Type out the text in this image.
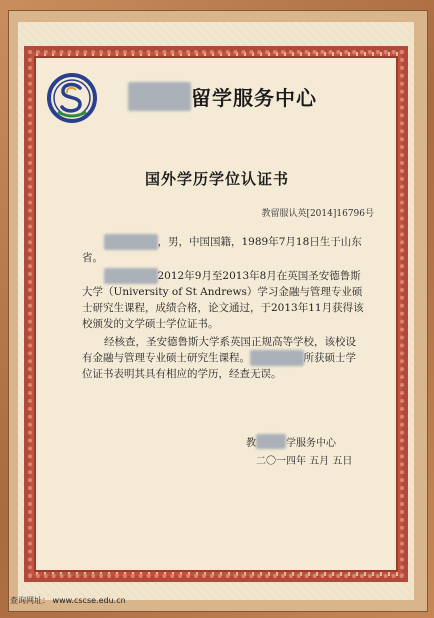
留学服务中心
国外学历学位认证书
教留服认英[2014]16796号
，男，中国国籍，1989年7月18日生于山东省。
2012年9月至2013年8月在英国圣安德鲁斯大学（University of St Andrews）学习金融与管理专业硕士研究生课程，成绩合格，论文通过，于2013年11月获得该校颁发的文学硕士学位证书。
经核查，圣安德鲁斯大学系英国正规高等学校，该校设有金融与管理专业硕士研究生课程。	所获硕士学位证书表明其具有相应的学历，经查无误。
教	学服务中心
二〇一四年 五月 五日
查询网址： www.cscse.edu.cn
